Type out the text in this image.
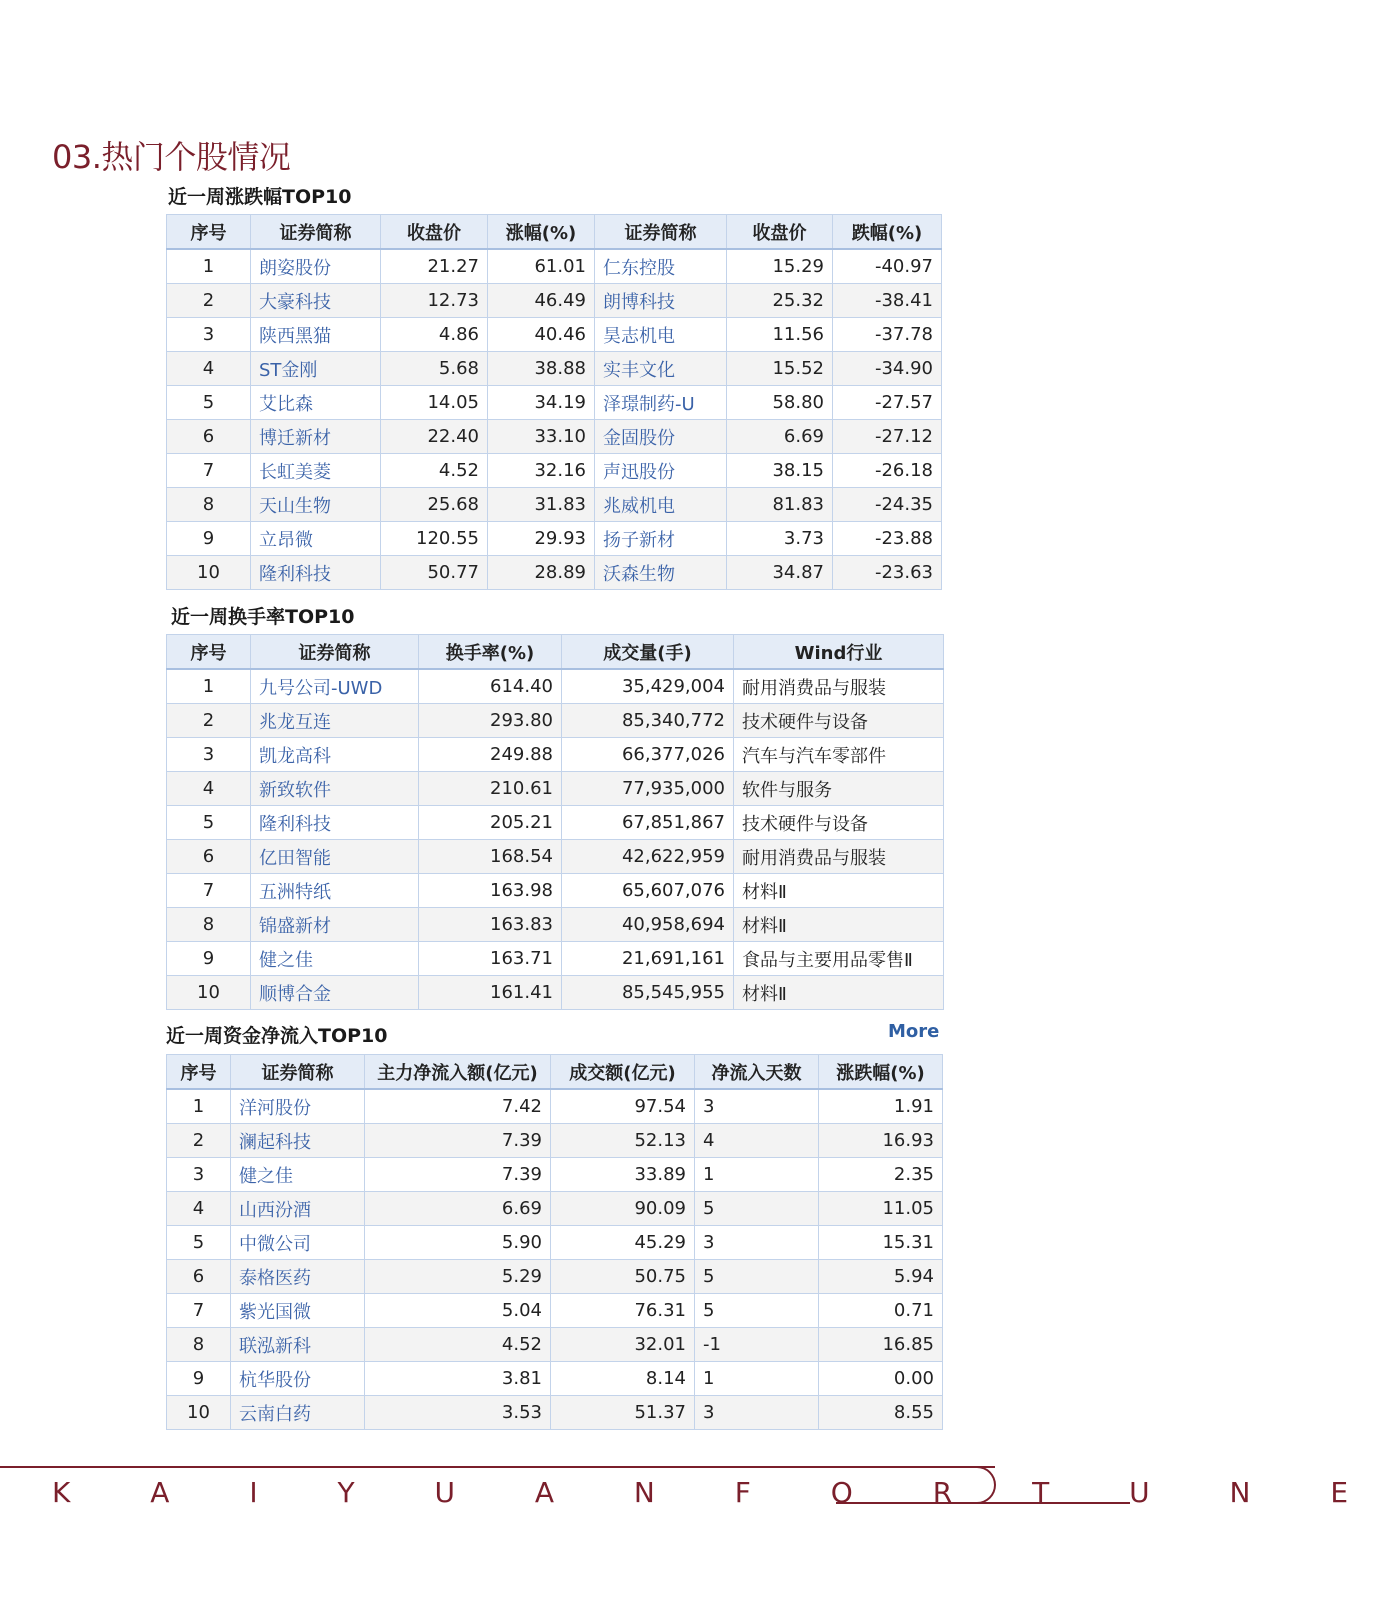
03.热门个股情况
近一周涨跌幅TOP10
序号	证券简称	收盘价	涨幅(%)	证券简称	收盘价	跌幅(%)
1	朗姿股份	21.27	61.01	仁东控股	15.29	-40.97
2	大豪科技	12.73	46.49	朗博科技	25.32	-38.41
3	陕西黑猫	4.86	40.46	昊志机电	11.56	-37.78
4	ST金刚	5.68	38.88	实丰文化	15.52	-34.90
5	艾比森	14.05	34.19	泽璟制药-U	58.80	-27.57
6	博迁新材	22.40	33.10	金固股份	6.69	-27.12
7	长虹美菱	4.52	32.16	声迅股份	38.15	-26.18
8	天山生物	25.68	31.83	兆威机电	81.83	-24.35
9	立昂微	120.55	29.93	扬子新材	3.73	-23.88
10	隆利科技	50.77	28.89	沃森生物	34.87	-23.63
近一周换手率TOP10
序号	证券简称	换手率(%)	成交量(手)	Wind行业
1	九号公司-UWD	614.40	35,429,004	耐用消费品与服装
2	兆龙互连	293.80	85,340,772	技术硬件与设备
3	凯龙高科	249.88	66,377,026	汽车与汽车零部件
4	新致软件	210.61	77,935,000	软件与服务
5	隆利科技	205.21	67,851,867	技术硬件与设备
6	亿田智能	168.54	42,622,959	耐用消费品与服装
7	五洲特纸	163.98	65,607,076	材料Ⅱ
8	锦盛新材	163.83	40,958,694	材料Ⅱ
9	健之佳	163.71	21,691,161	食品与主要用品零售Ⅱ
10	顺博合金	161.41	85,545,955	材料Ⅱ
近一周资金净流入TOP10	More
序号	证券简称	主力净流入额(亿元)	成交额(亿元)	净流入天数	涨跌幅(%)
1	洋河股份	7.42	97.54	3	1.91
2	澜起科技	7.39	52.13	4	16.93
3	健之佳	7.39	33.89	1	2.35
4	山西汾酒	6.69	90.09	5	11.05
5	中微公司	5.90	45.29	3	15.31
6	泰格医药	5.29	50.75	5	5.94
7	紫光国微	5.04	76.31	5	0.71
8	联泓新科	4.52	32.01	-1	16.85
9	杭华股份	3.81	8.14	1	0.00
10	云南白药	3.53	51.37	3	8.55
K A I Y U A N F O R T U N E
